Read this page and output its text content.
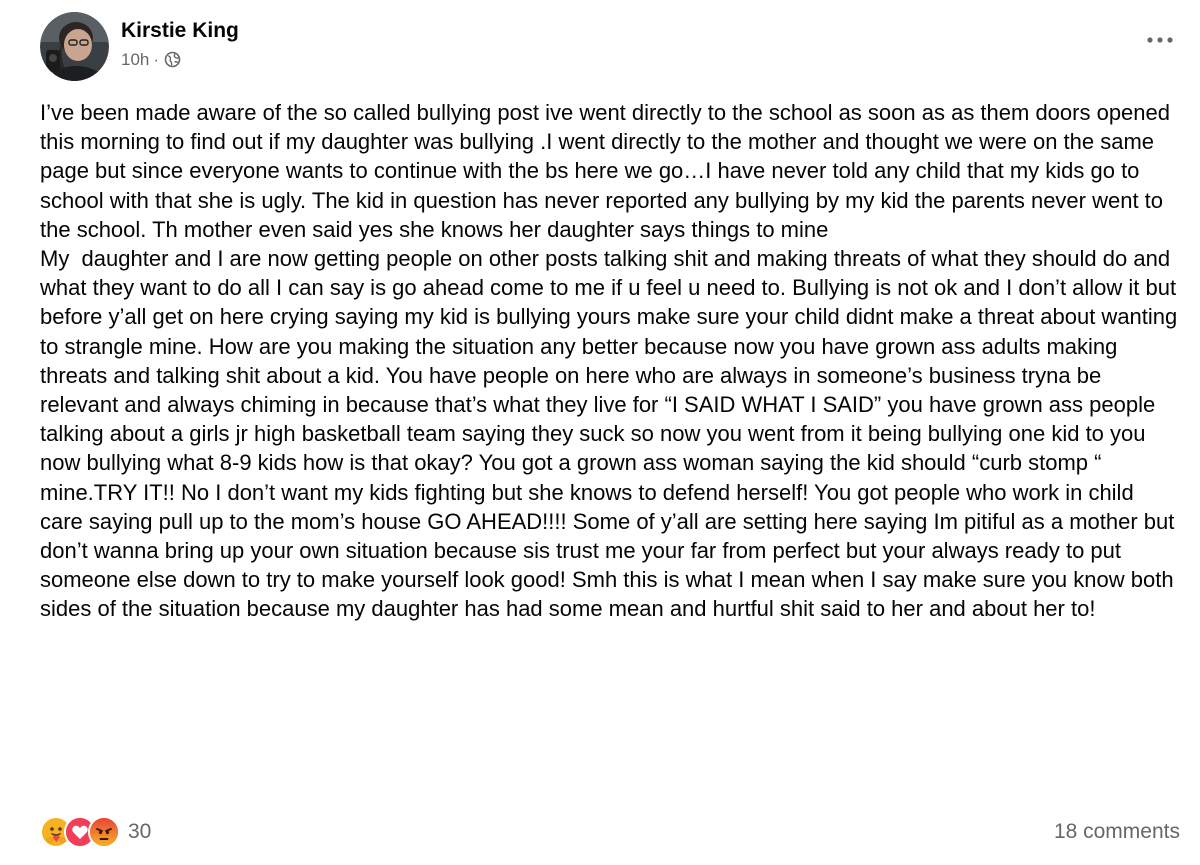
Kirstie King
10h ·
I’ve been made aware of the so called bullying post ive went directly to the school as soon as as them doors opened this morning to find out if my daughter was bullying .I went directly to the mother and thought we were on the same page but since everyone wants to continue with the bs here we go…I have never told any child that my kids go to school with that she is ugly. The kid in question has never reported any bullying by my kid the parents never went to the school. Th mother even said yes she knows her daughter says things to mine
My  daughter and I are now getting people on other posts talking shit and making threats of what they should do and what they want to do all I can say is go ahead come to me if u feel u need to. Bullying is not ok and I don’t allow it but before y’all get on here crying saying my kid is bullying yours make sure your child didnt make a threat about wanting to strangle mine. How are you making the situation any better because now you have grown ass adults making threats and talking shit about a kid. You have people on here who are always in someone’s business tryna be relevant and always chiming in because that’s what they live for “I SAID WHAT I SAID” you have grown ass people talking about a girls jr high basketball team saying they suck so now you went from it being bullying one kid to you now bullying what 8-9 kids how is that okay? You got a grown ass woman saying the kid should “curb stomp “ mine.TRY IT!! No I don’t want my kids fighting but she knows to defend herself! You got people who work in child care saying pull up to the mom’s house GO AHEAD!!!! Some of y’all are setting here saying Im pitiful as a mother but don’t wanna bring up your own situation because sis trust me your far from perfect but your always ready to put someone else down to try to make yourself look good! Smh this is what I mean when I say make sure you know both sides of the situation because my daughter has had some mean and hurtful shit said to her and about her to!
30	18 comments
